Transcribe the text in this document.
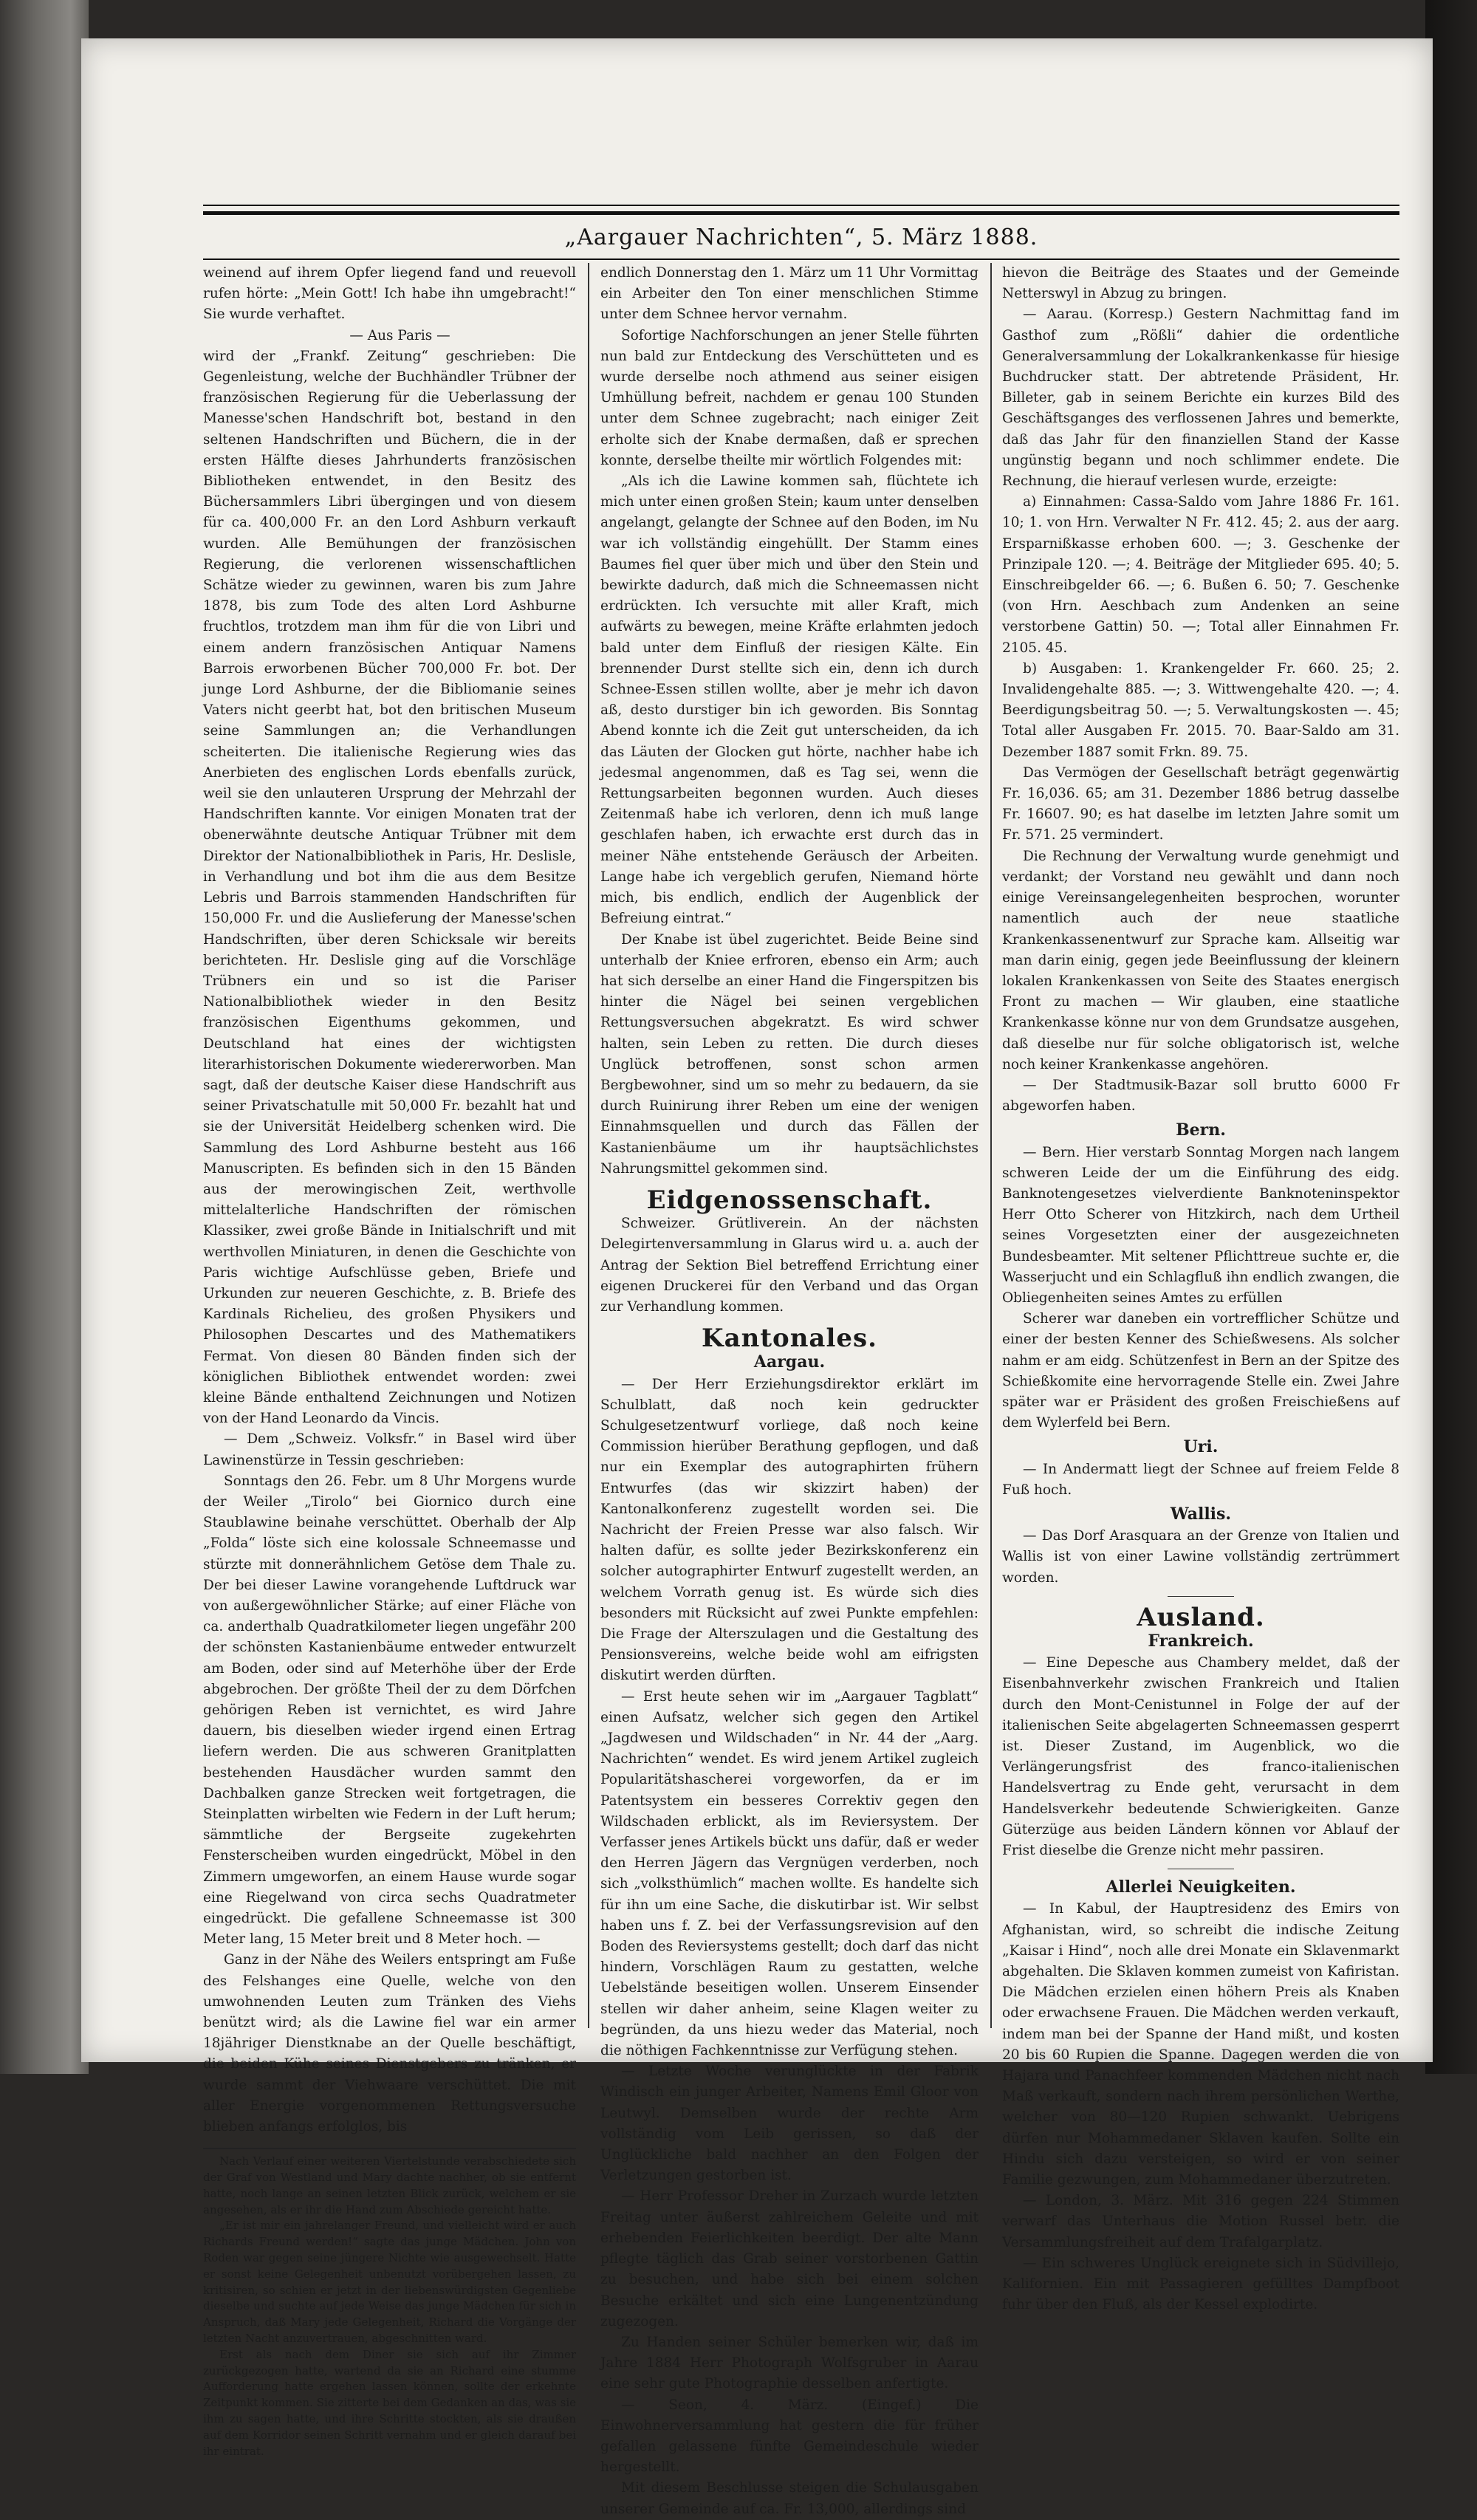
„Aargauer Nachrichten“, 5. März 1888.

weinend auf ihrem Opfer liegend fand und reuevoll rufen hörte: „Mein Gott! Ich habe ihn umgebracht!“ Sie wurde verhaftet.

— Aus Paris —

wird der „Frankf. Zeitung“ geschrieben: Die Gegenleistung, welche der Buchhändler Trübner der französischen Regierung für die Ueberlassung der Manesse'schen Handschrift bot, bestand in den seltenen Handschriften und Büchern, die in der ersten Hälfte dieses Jahrhunderts französischen Bibliotheken entwendet, in den Besitz des Büchersammlers Libri übergingen und von diesem für ca. 400,000 Fr. an den Lord Ashburn verkauft wurden. Alle Bemühungen der französischen Regierung, die verlorenen wissenschaftlichen Schätze wieder zu gewinnen, waren bis zum Jahre 1878, bis zum Tode des alten Lord Ashburne fruchtlos, trotzdem man ihm für die von Libri und einem andern französischen Antiquar Namens Barrois erworbenen Bücher 700,000 Fr. bot. Der junge Lord Ashburne, der die Bibliomanie seines Vaters nicht geerbt hat, bot den britischen Museum seine Sammlungen an; die Verhandlungen scheiterten. Die italienische Regierung wies das Anerbieten des englischen Lords ebenfalls zurück, weil sie den unlauteren Ursprung der Mehrzahl der Handschriften kannte. Vor einigen Monaten trat der obenerwähnte deutsche Antiquar Trübner mit dem Direktor der Nationalbibliothek in Paris, Hr. Deslisle, in Verhandlung und bot ihm die aus dem Besitze Lebris und Barrois stammenden Handschriften für 150,000 Fr. und die Auslieferung der Manesse'schen Handschriften, über deren Schicksale wir bereits berichteten. Hr. Deslisle ging auf die Vorschläge Trübners ein und so ist die Pariser Nationalbibliothek wieder in den Besitz französischen Eigenthums gekommen, und Deutschland hat eines der wichtigsten literarhistorischen Dokumente wiedererworben. Man sagt, daß der deutsche Kaiser diese Handschrift aus seiner Privatschatulle mit 50,000 Fr. bezahlt hat und sie der Universität Heidelberg schenken wird. Die Sammlung des Lord Ashburne besteht aus 166 Manuscripten. Es befinden sich in den 15 Bänden aus der merowingischen Zeit, werthvolle mittelalterliche Handschriften der römischen Klassiker, zwei große Bände in Initialschrift und mit werthvollen Miniaturen, in denen die Geschichte von Paris wichtige Aufschlüsse geben, Briefe und Urkunden zur neueren Geschichte, z. B. Briefe des Kardinals Richelieu, des großen Physikers und Philosophen Descartes und des Mathematikers Fermat. Von diesen 80 Bänden finden sich der königlichen Bibliothek entwendet worden: zwei kleine Bände enthaltend Zeichnungen und Notizen von der Hand Leonardo da Vincis.

— Dem „Schweiz. Volksfr.“ in Basel wird über Lawinenstürze in Tessin geschrieben:

Sonntags den 26. Febr. um 8 Uhr Morgens wurde der Weiler „Tirolo“ bei Giornico durch eine Staublawine beinahe verschüttet. Oberhalb der Alp „Folda“ löste sich eine kolossale Schneemasse und stürzte mit donnerähnlichem Getöse dem Thale zu. Der bei dieser Lawine vorangehende Luftdruck war von außergewöhnlicher Stärke; auf einer Fläche von ca. anderthalb Quadratkilometer liegen ungefähr 200 der schönsten Kastanienbäume entweder entwurzelt am Boden, oder sind auf Meterhöhe über der Erde abgebrochen. Der größte Theil der zu dem Dörfchen gehörigen Reben ist vernichtet, es wird Jahre dauern, bis dieselben wieder irgend einen Ertrag liefern werden. Die aus schweren Granitplatten bestehenden Hausdächer wurden sammt den Dachbalken ganze Strecken weit fortgetragen, die Steinplatten wirbelten wie Federn in der Luft herum; sämmtliche der Bergseite zugekehrten Fensterscheiben wurden eingedrückt, Möbel in den Zimmern umgeworfen, an einem Hause wurde sogar eine Riegelwand von circa sechs Quadratmeter eingedrückt. Die gefallene Schneemasse ist 300 Meter lang, 15 Meter breit und 8 Meter hoch. —

Ganz in der Nähe des Weilers entspringt am Fuße des Felshanges eine Quelle, welche von den umwohnenden Leuten zum Tränken des Viehs benützt wird; als die Lawine fiel war ein armer 18jähriger Dienstknabe an der Quelle beschäftigt, die beiden Kühe seines Dienstgebers zu tränken, er wurde sammt der Viehwaare verschüttet. Die mit aller Energie vorgenommenen Rettungsversuche blieben anfangs erfolglos, bis

Nach Verlauf einer weiteren Viertelstunde verabschiedete sich der Graf von Westland und Mary dachte nachher, ob sie entfernt hatte, noch lange an seinen letzten Blick zurück, welchem er sie angesehen, als er ihr die Hand zum Abschiede gereicht hatte.

„Er ist mir ein jahrelanger Freund, und vielleicht wird er auch Richards Freund werden!“ sagte das junge Mädchen. John von Roden war gegen seine jüngere Nichte wie ausgewechselt. Hatte er sonst keine Gelegenheit unbenutzt vorübergehen lassen, zu kritisiren, so schien er jetzt in der liebenswürdigsten Gegenliebe dieselbe und suchte auf jede Weise das junge Mädchen für sich in Anspruch, daß Mary jede Gelegenheit, Richard die Vorgänge der letzten Nacht anzuvertrauen, abgeschnitten ward.

Erst als nach dem Diner sie sich auf ihr Zimmer zurückgezogen hatte, wartend da sie an Richard eine stumme Aufforderung hatte ergehen lassen können, sollte der erkehnte Zeitpunkt kommen. Sie zitterte bei dem Gedanken an das, was sie ihm zu sagen hatte, und ihre Schritte stockten, als sie draußen auf dem Korridor seinen Schritt vernahm und er gleich darauf bei ihr eintrat.

endlich Donnerstag den 1. März um 11 Uhr Vormittag ein Arbeiter den Ton einer menschlichen Stimme unter dem Schnee hervor vernahm.

Sofortige Nachforschungen an jener Stelle führten nun bald zur Entdeckung des Verschütteten und es wurde derselbe noch athmend aus seiner eisigen Umhüllung befreit, nachdem er genau 100 Stunden unter dem Schnee zugebracht; nach einiger Zeit erholte sich der Knabe dermaßen, daß er sprechen konnte, derselbe theilte mir wörtlich Folgendes mit:

„Als ich die Lawine kommen sah, flüchtete ich mich unter einen großen Stein; kaum unter denselben angelangt, gelangte der Schnee auf den Boden, im Nu war ich vollständig eingehüllt. Der Stamm eines Baumes fiel quer über mich und über den Stein und bewirkte dadurch, daß mich die Schneemassen nicht erdrückten. Ich versuchte mit aller Kraft, mich aufwärts zu bewegen, meine Kräfte erlahmten jedoch bald unter dem Einfluß der riesigen Kälte. Ein brennender Durst stellte sich ein, denn ich durch Schnee-Essen stillen wollte, aber je mehr ich davon aß, desto durstiger bin ich geworden. Bis Sonntag Abend konnte ich die Zeit gut unterscheiden, da ich das Läuten der Glocken gut hörte, nachher habe ich jedesmal angenommen, daß es Tag sei, wenn die Rettungsarbeiten begonnen wurden. Auch dieses Zeitenmaß habe ich verloren, denn ich muß lange geschlafen haben, ich erwachte erst durch das in meiner Nähe entstehende Geräusch der Arbeiten. Lange habe ich vergeblich gerufen, Niemand hörte mich, bis endlich, endlich der Augenblick der Befreiung eintrat.“

Der Knabe ist übel zugerichtet. Beide Beine sind unterhalb der Kniee erfroren, ebenso ein Arm; auch hat sich derselbe an einer Hand die Fingerspitzen bis hinter die Nägel bei seinen vergeblichen Rettungsversuchen abgekratzt. Es wird schwer halten, sein Leben zu retten. Die durch dieses Unglück betroffenen, sonst schon armen Bergbewohner, sind um so mehr zu bedauern, da sie durch Ruinirung ihrer Reben um eine der wenigen Einnahmsquellen und durch das Fällen der Kastanienbäume um ihr hauptsächlichstes Nahrungsmittel gekommen sind.

Eidgenossenschaft.

Schweizer. Grütliverein. An der nächsten Delegirtenversammlung in Glarus wird u. a. auch der Antrag der Sektion Biel betreffend Errichtung einer eigenen Druckerei für den Verband und das Organ zur Verhandlung kommen.

Kantonales.
Aargau.

— Der Herr Erziehungsdirektor erklärt im Schulblatt, daß noch kein gedruckter Schulgesetzentwurf vorliege, daß noch keine Commission hierüber Berathung gepflogen, und daß nur ein Exemplar des autographirten frühern Entwurfes (das wir skizzirt haben) der Kantonalkonferenz zugestellt worden sei. Die Nachricht der Freien Presse war also falsch. Wir halten dafür, es sollte jeder Bezirkskonferenz ein solcher autographirter Entwurf zugestellt werden, an welchem Vorrath genug ist. Es würde sich dies besonders mit Rücksicht auf zwei Punkte empfehlen: Die Frage der Alterszulagen und die Gestaltung des Pensionsvereins, welche beide wohl am eifrigsten diskutirt werden dürften.

— Erst heute sehen wir im „Aargauer Tagblatt“ einen Aufsatz, welcher sich gegen den Artikel „Jagdwesen und Wildschaden“ in Nr. 44 der „Aarg. Nachrichten“ wendet. Es wird jenem Artikel zugleich Popularitätshascherei vorgeworfen, da er im Patentsystem ein besseres Correktiv gegen den Wildschaden erblickt, als im Reviersystem. Der Verfasser jenes Artikels bückt uns dafür, daß er weder den Herren Jägern das Vergnügen verderben, noch sich „volksthümlich“ machen wollte. Es handelte sich für ihn um eine Sache, die diskutirbar ist. Wir selbst haben uns f. Z. bei der Verfassungsrevision auf den Boden des Reviersystems gestellt; doch darf das nicht hindern, Vorschlägen Raum zu gestatten, welche Uebelstände beseitigen wollen. Unserem Einsender stellen wir daher anheim, seine Klagen weiter zu begründen, da uns hiezu weder das Material, noch die nöthigen Fachkenntnisse zur Verfügung stehen.

— Letzte Woche verunglückte in der Fabrik Windisch ein junger Arbeiter, Namens Emil Gloor von Leutwyl. Demselben wurde der rechte Arm vollständig vom Leib gerissen, so daß der Unglückliche bald nachher an den Folgen der Verletzungen gestorben ist.

— Herr Professor Dreher in Zurzach wurde letzten Freitag unter äußerst zahlreichem Geleite und mit erhebenden Feierlichkeiten beerdigt. Der alte Mann pflegte täglich das Grab seiner vorstorbenen Gattin zu besuchen, und habe sich bei einem solchen Besuche erkältet und sich eine Lungenentzündung zugezogen.

Zu Handen seiner Schüler bemerken wir, daß im Jahre 1884 Herr Photograph Wolfsgruber in Aarau eine sehr gute Photographie desselben anfertigte.

— Seon, 4. März. (Eingef.) Die Einwohnerversammlung hat gestern die für früher gefallen gelassene fünfte Gemeindeschule wieder hergestellt.

Mit diesem Beschlusse steigen die Schulausgaben unserer Gemeinde auf ca. Fr. 13,000, allerdings sind

hievon die Beiträge des Staates und der Gemeinde Netterswyl in Abzug zu bringen.

— Aarau. (Korresp.) Gestern Nachmittag fand im Gasthof zum „Rößli“ dahier die ordentliche Generalversammlung der Lokalkrankenkasse für hiesige Buchdrucker statt. Der abtretende Präsident, Hr. Billeter, gab in seinem Berichte ein kurzes Bild des Geschäftsganges des verflossenen Jahres und bemerkte, daß das Jahr für den finanziellen Stand der Kasse ungünstig begann und noch schlimmer endete. Die Rechnung, die hierauf verlesen wurde, erzeigte:

a) Einnahmen: Cassa-Saldo vom Jahre 1886 Fr. 161. 10; 1. von Hrn. Verwalter N Fr. 412. 45; 2. aus der aarg. Ersparnißkasse erhoben 600. —; 3. Geschenke der Prinzipale 120. —; 4. Beiträge der Mitglieder 695. 40; 5. Einschreibgelder 66. —; 6. Bußen 6. 50; 7. Geschenke (von Hrn. Aeschbach zum Andenken an seine verstorbene Gattin) 50. —; Total aller Einnahmen Fr. 2105. 45.

b) Ausgaben: 1. Krankengelder Fr. 660. 25; 2. Invalidengehalte 885. —; 3. Wittwengehalte 420. —; 4. Beerdigungsbeitrag 50. —; 5. Verwaltungskosten —. 45; Total aller Ausgaben Fr. 2015. 70. Baar-Saldo am 31. Dezember 1887 somit Frkn. 89. 75.

Das Vermögen der Gesellschaft beträgt gegenwärtig Fr. 16,036. 65; am 31. Dezember 1886 betrug dasselbe Fr. 16607. 90; es hat daselbe im letzten Jahre somit um Fr. 571. 25 vermindert.

Die Rechnung der Verwaltung wurde genehmigt und verdankt; der Vorstand neu gewählt und dann noch einige Vereinsangelegenheiten besprochen, worunter namentlich auch der neue staatliche Krankenkassenentwurf zur Sprache kam. Allseitig war man darin einig, gegen jede Beeinflussung der kleinern lokalen Krankenkassen von Seite des Staates energisch Front zu machen — Wir glauben, eine staatliche Krankenkasse könne nur von dem Grundsatze ausgehen, daß dieselbe nur für solche obligatorisch ist, welche noch keiner Krankenkasse angehören.

— Der Stadtmusik-Bazar soll brutto 6000 Fr abgeworfen haben.

Bern.

— Bern. Hier verstarb Sonntag Morgen nach langem schweren Leide der um die Einführung des eidg. Banknotengesetzes vielverdiente Banknoteninspektor Herr Otto Scherer von Hitzkirch, nach dem Urtheil seines Vorgesetzten einer der ausgezeichneten Bundesbeamter. Mit seltener Pflichttreue suchte er, die Wasserjucht und ein Schlagfluß ihn endlich zwangen, die Obliegenheiten seines Amtes zu erfüllen

Scherer war daneben ein vortrefflicher Schütze und einer der besten Kenner des Schießwesens. Als solcher nahm er am eidg. Schützenfest in Bern an der Spitze des Schießkomite eine hervorragende Stelle ein. Zwei Jahre später war er Präsident des großen Freischießens auf dem Wylerfeld bei Bern.

Uri.

— In Andermatt liegt der Schnee auf freiem Felde 8 Fuß hoch.

Wallis.

— Das Dorf Arasquara an der Grenze von Italien und Wallis ist von einer Lawine vollständig zertrümmert worden.

Ausland.
Frankreich.

— Eine Depesche aus Chambery meldet, daß der Eisenbahnverkehr zwischen Frankreich und Italien durch den Mont-Cenistunnel in Folge der auf der italienischen Seite abgelagerten Schneemassen gesperrt ist. Dieser Zustand, im Augenblick, wo die Verlängerungsfrist des franco-italienischen Handelsvertrag zu Ende geht, verursacht in dem Handelsverkehr bedeutende Schwierigkeiten. Ganze Güterzüge aus beiden Ländern können vor Ablauf der Frist dieselbe die Grenze nicht mehr passiren.

Allerlei Neuigkeiten.

— In Kabul, der Hauptresidenz des Emirs von Afghanistan, wird, so schreibt die indische Zeitung „Kaisar i Hind“, noch alle drei Monate ein Sklavenmarkt abgehalten. Die Sklaven kommen zumeist von Kafiristan. Die Mädchen erzielen einen höhern Preis als Knaben oder erwachsene Frauen. Die Mädchen werden verkauft, indem man bei der Spanne der Hand mißt, und kosten 20 bis 60 Rupien die Spanne. Dagegen werden die von Hajara und Panachfeer kommenden Mädchen nicht nach Maß verkauft, sondern nach ihrem persönlichen Werthe, welcher von 80—120 Rupien schwankt. Uebrigens dürfen nur Mohammedaner Sklaven kaufen. Sollte ein Hindu sich dazu versteigen, so wird er von seiner Familie gezwungen, zum Mohammedaner überzutreten.

— London, 3. März. Mit 316 gegen 224 Stimmen verwarf das Unterhaus die Motion Russel betr. die Versammlungsfreiheit auf dem Trafalgarplatz.

— Ein schweres Unglück ereignete sich in Südvillejo, Kalifornien. Ein mit Passagieren gefülltes Dampfboot fuhr über den Fluß, als der Kessel explodirte.
